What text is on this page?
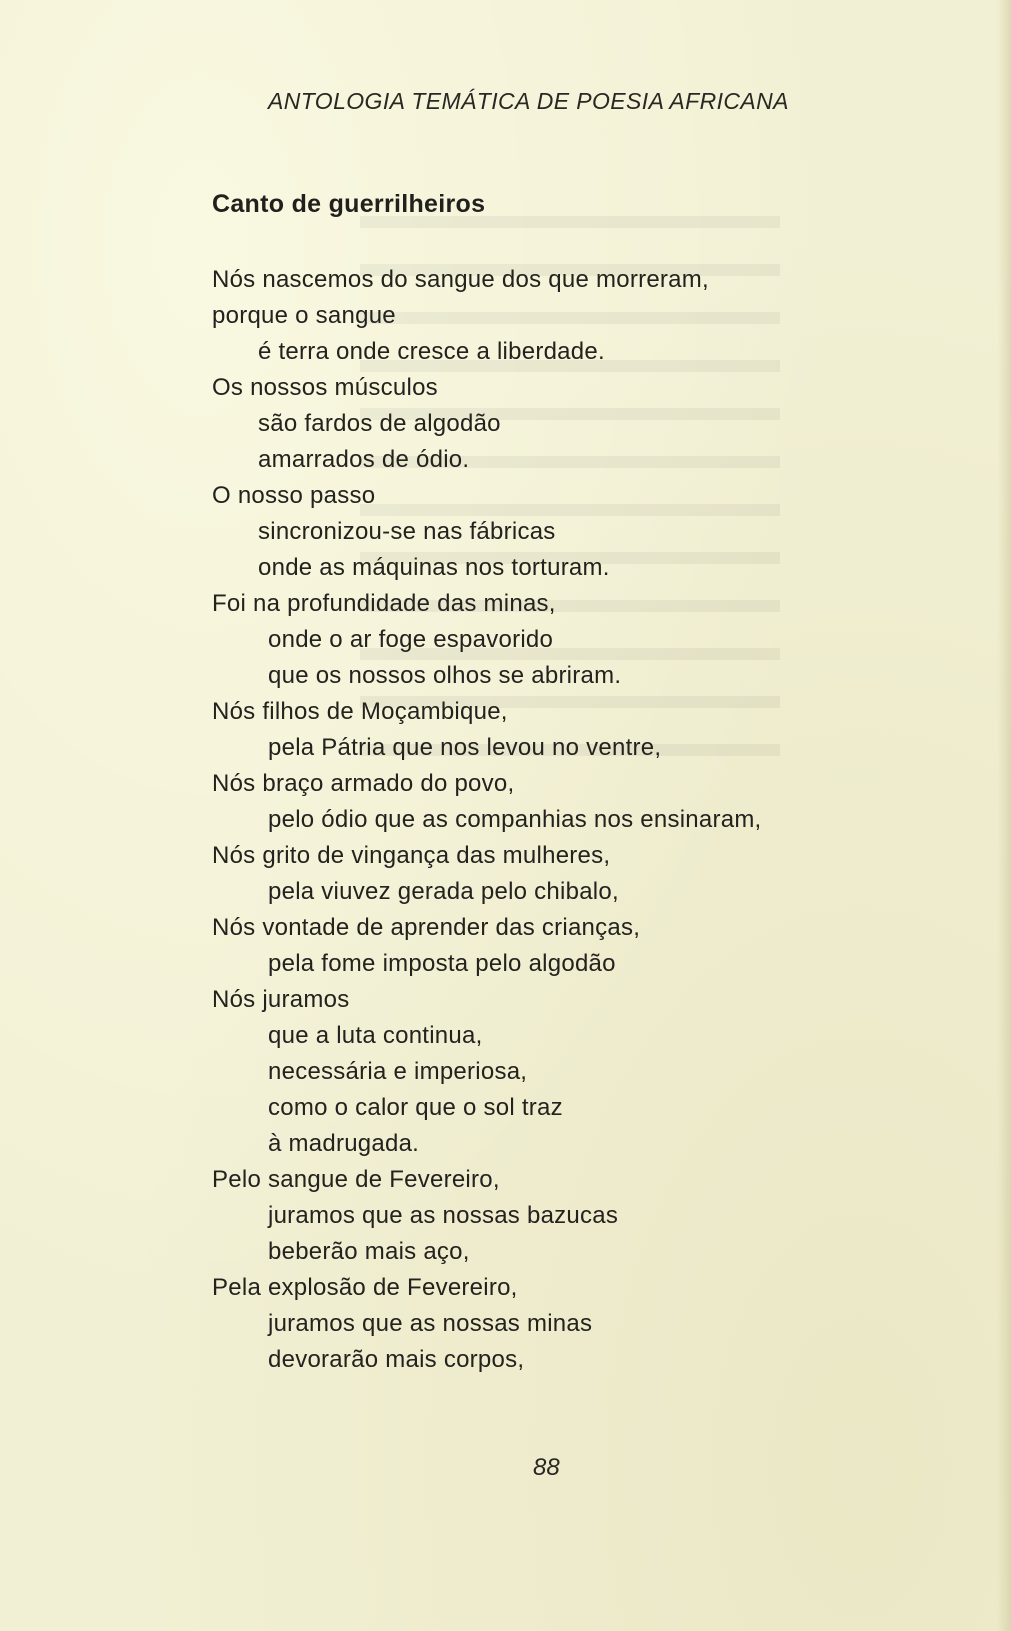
ANTOLOGIA TEMÁTICA DE POESIA AFRICANA
Canto de guerrilheiros
Nós nascemos do sangue dos que morreram,
porque o sangue
é terra onde cresce a liberdade.
Os nossos músculos
são fardos de algodão
amarrados de ódio.
O nosso passo
sincronizou-se nas fábricas
onde as máquinas nos torturam.
Foi na profundidade das minas,
onde o ar foge espavorido
que os nossos olhos se abriram.
Nós filhos de Moçambique,
pela Pátria que nos levou no ventre,
Nós braço armado do povo,
pelo ódio que as companhias nos ensinaram,
Nós grito de vingança das mulheres,
pela viuvez gerada pelo chibalo,
Nós vontade de aprender das crianças,
pela fome imposta pelo algodão
Nós juramos
que a luta continua,
necessária e imperiosa,
como o calor que o sol traz
à madrugada.
Pelo sangue de Fevereiro,
juramos que as nossas bazucas
beberão mais aço,
Pela explosão de Fevereiro,
juramos que as nossas minas
devorarão mais corpos,
88
